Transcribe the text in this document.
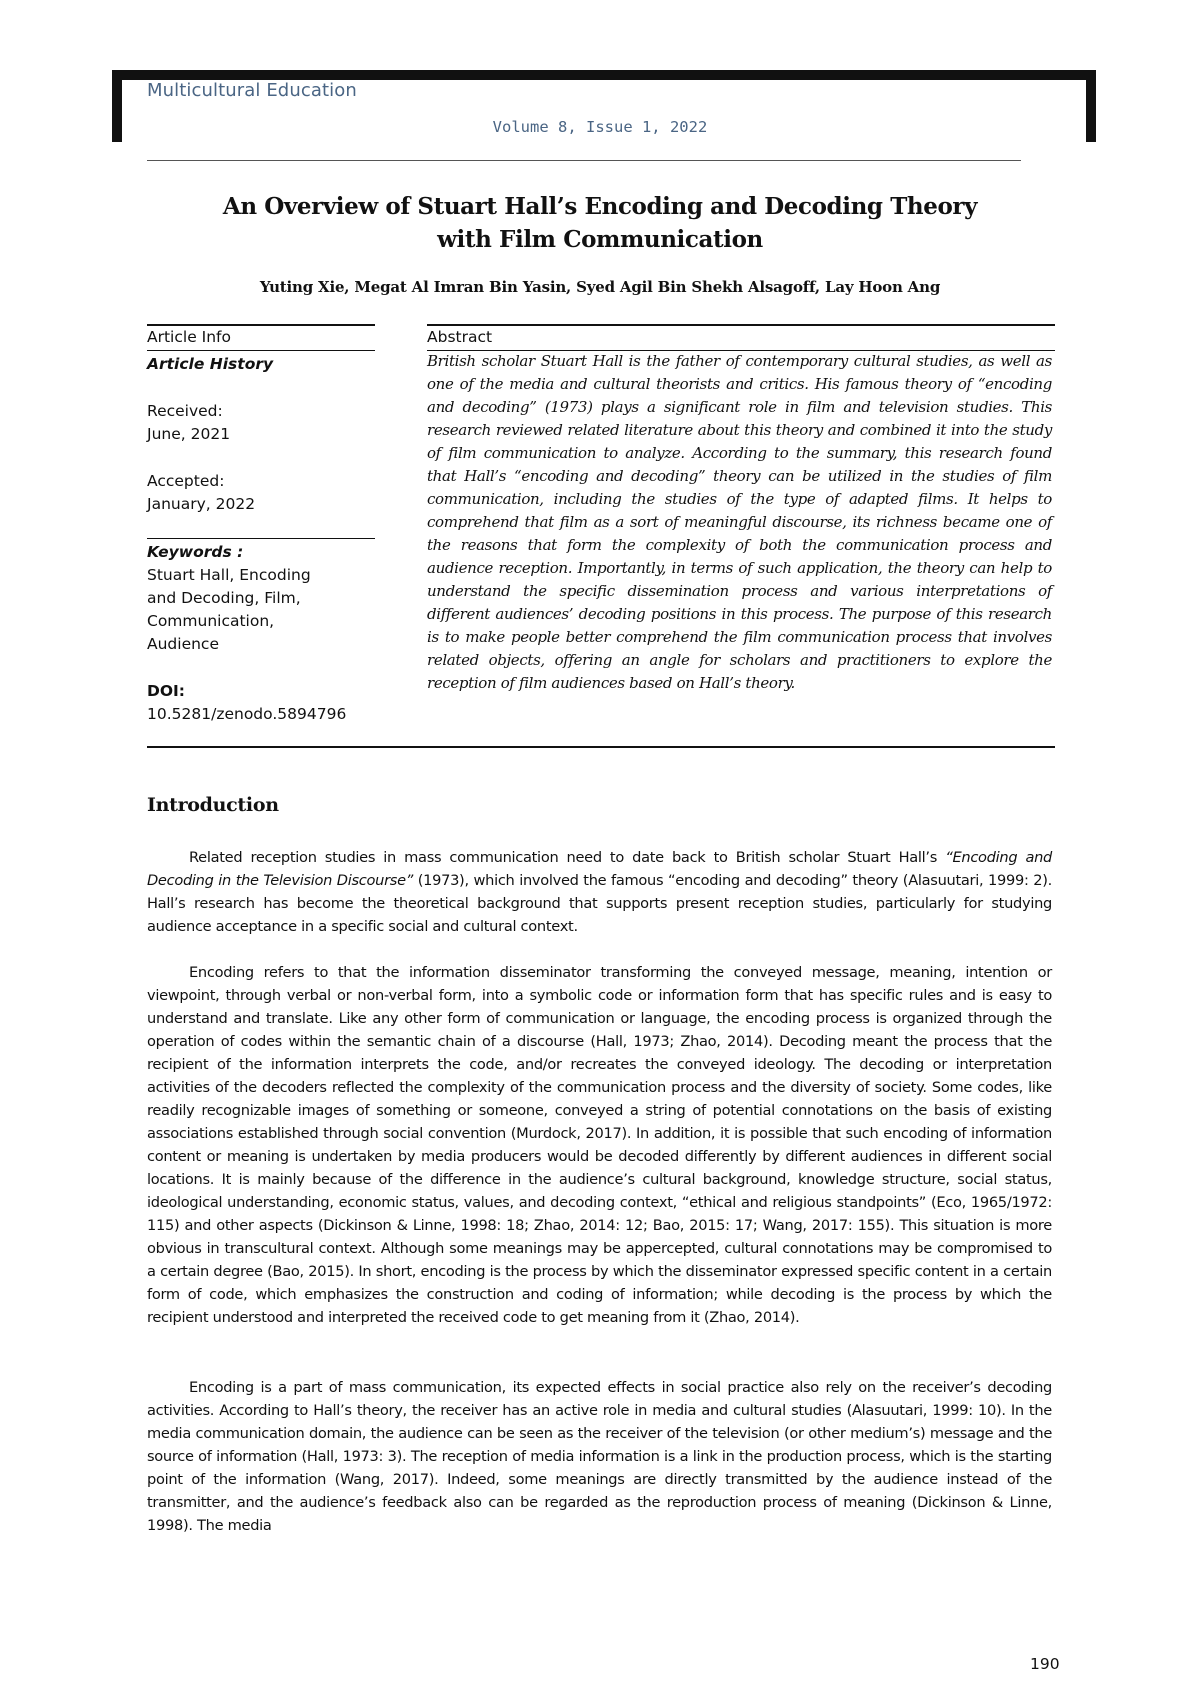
Multicultural Education
Volume 8, Issue 1, 2022
An Overview of Stuart Hall’s Encoding and Decoding Theory
with Film Communication
Yuting Xie, Megat Al Imran Bin Yasin, Syed Agil Bin Shekh Alsagoff, Lay Hoon Ang
Article Info	Abstract
Article History
Received:
June, 2021
Accepted:
January, 2022
Keywords :
Stuart Hall, Encoding
and Decoding, Film,
Communication,
Audience
DOI:
10.5281/zenodo.5894796
British scholar Stuart Hall is the father of contemporary cultural studies, as well as one of the media and cultural theorists and critics. His famous theory of “encoding and decoding” (1973) plays a significant role in film and television studies. This research reviewed related literature about this theory and combined it into the study of film communication to analyze. According to the summary, this research found that Hall’s “encoding and decoding” theory can be utilized in the studies of film communication, including the studies of the type of adapted films. It helps to comprehend that film as a sort of meaningful discourse, its richness became one of the reasons that form the complexity of both the communication process and audience reception. Importantly, in terms of such application, the theory can help to understand the specific dissemination process and various interpretations of different audiences’ decoding positions in this process. The purpose of this research is to make people better comprehend the film communication process that involves related objects, offering an angle for scholars and practitioners to explore the reception of film audiences based on Hall’s theory.
Introduction

Related reception studies in mass communication need to date back to British scholar Stuart Hall’s “Encoding and Decoding in the Television Discourse” (1973), which involved the famous “encoding and decoding” theory (Alasuutari, 1999: 2). Hall’s research has become the theoretical background that supports present reception studies, particularly for studying audience acceptance in a specific social and cultural context.

Encoding refers to that the information disseminator transforming the conveyed message, meaning, intention or viewpoint, through verbal or non-verbal form, into a symbolic code or information form that has specific rules and is easy to understand and translate. Like any other form of communication or language, the encoding process is organized through the operation of codes within the semantic chain of a discourse (Hall, 1973; Zhao, 2014). Decoding meant the process that the recipient of the information interprets the code, and/or recreates the conveyed ideology. The decoding or interpretation activities of the decoders reflected the complexity of the communication process and the diversity of society. Some codes, like readily recognizable images of something or someone, conveyed a string of potential connotations on the basis of existing associations established through social convention (Murdock, 2017). In addition, it is possible that such encoding of information content or meaning is undertaken by media producers would be decoded differently by different audiences in different social locations. It is mainly because of the difference in the audience’s cultural background, knowledge structure, social status, ideological understanding, economic status, values, and decoding context, “ethical and religious standpoints” (Eco, 1965/1972: 115) and other aspects (Dickinson & Linne, 1998: 18; Zhao, 2014: 12; Bao, 2015: 17; Wang, 2017: 155). This situation is more obvious in transcultural context. Although some meanings may be appercepted, cultural connotations may be compromised to a certain degree (Bao, 2015). In short, encoding is the process by which the disseminator expressed specific content in a certain form of code, which emphasizes the construction and coding of information; while decoding is the process by which the recipient understood and interpreted the received code to get meaning from it (Zhao, 2014).

Encoding is a part of mass communication, its expected effects in social practice also rely on the receiver’s decoding activities. According to Hall’s theory, the receiver has an active role in media and cultural studies (Alasuutari, 1999: 10). In the media communication domain, the audience can be seen as the receiver of the television (or other medium’s) message and the source of information (Hall, 1973: 3). The reception of media information is a link in the production process, which is the starting point of the information (Wang, 2017). Indeed, some meanings are directly transmitted by the audience instead of the transmitter, and the audience’s feedback also can be regarded as the reproduction process of meaning (Dickinson & Linne, 1998). The media

190
